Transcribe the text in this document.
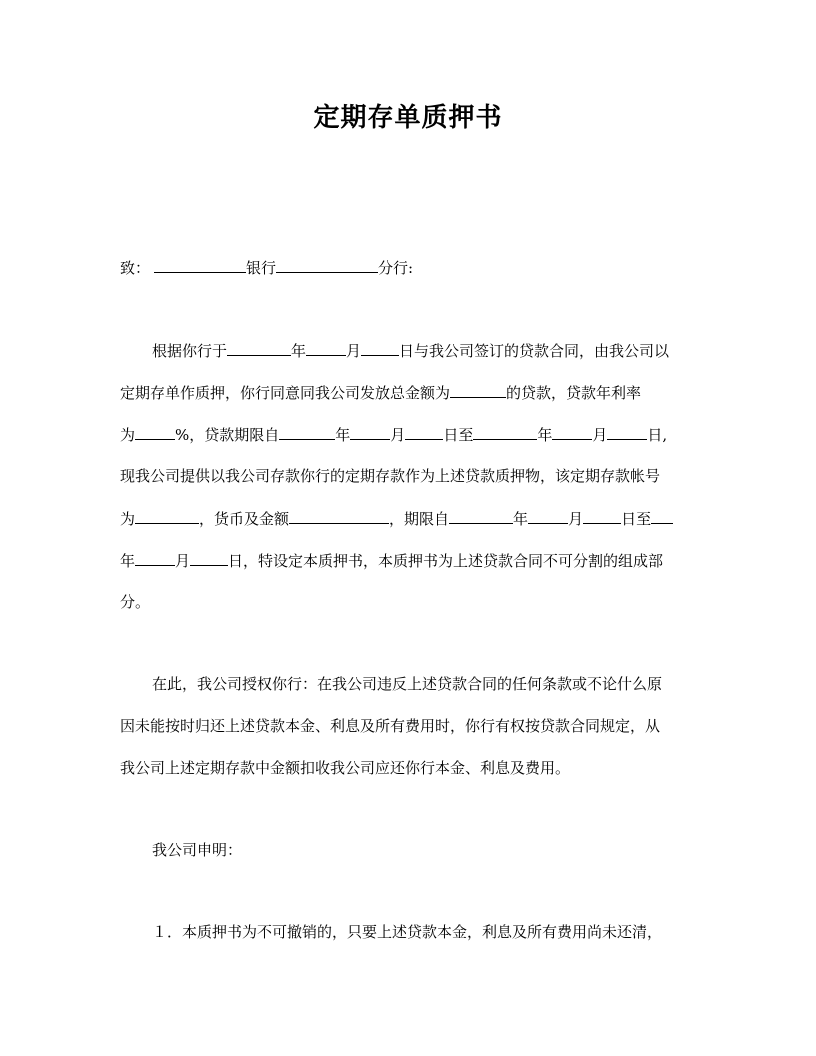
定期存单质押书
致：	银行	分行:
根据你行于	年	月	日与我公司签订的贷款合同，由我公司以
定期存单作质押，你行同意同我公司发放总金额为	的贷款，贷款年利率
为	%，贷款期限自	年	月	日至	年	月	日,
现我公司提供以我公司存款你行的定期存款作为上述贷款质押物，该定期存款帐号
为	，货币及金额	，期限自	年	月	日至
年	月	日，特设定本质押书，本质押书为上述贷款合同不可分割的组成部
分。
在此，我公司授权你行：在我公司违反上述贷款合同的任何条款或不论什么原
因未能按时归还上述贷款本金、利息及所有费用时，你行有权按贷款合同规定，从
我公司上述定期存款中金额扣收我公司应还你行本金、利息及费用。
我公司申明：
１．本质押书为不可撤销的，只要上述贷款本金，利息及所有费用尚未还清，
